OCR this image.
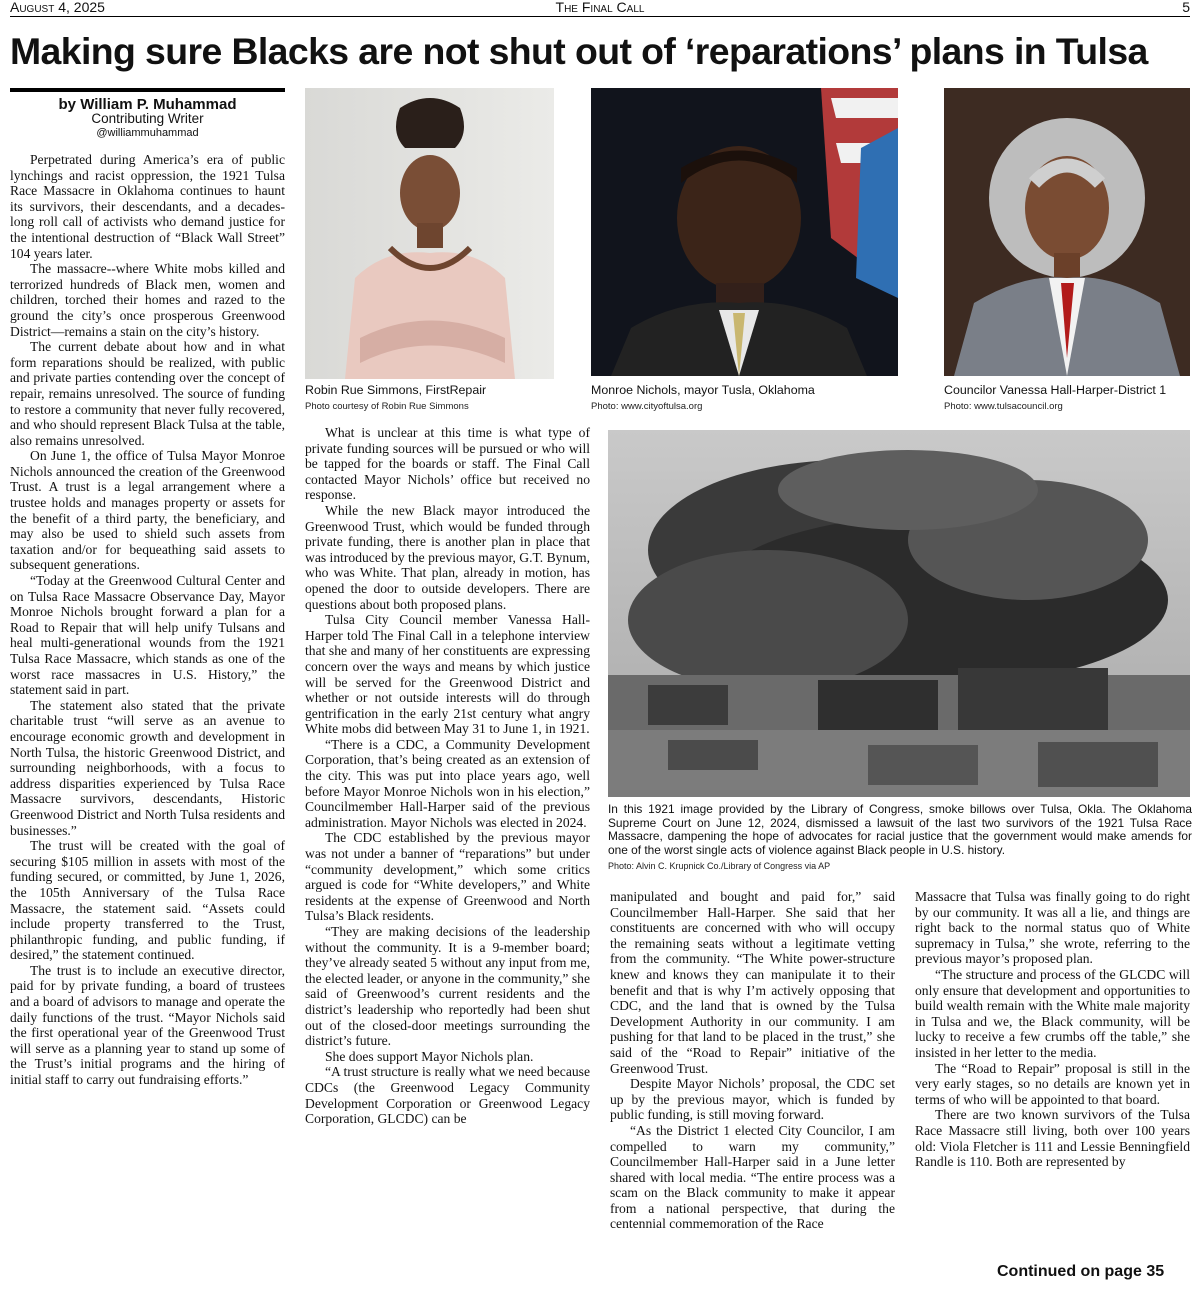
August 4, 2025	The Final Call	5
Making sure Blacks are not shut out of ‘reparations’ plans in Tulsa
by William P. Muhammad
Contributing Writer
@williammuhammad

Perpetrated during America’s era of public lynchings and racist oppression, the 1921 Tulsa Race Massacre in Oklahoma continues to haunt its survivors, their descendants, and a decades-long roll call of activists who demand justice for the intentional destruction of “Black Wall Street” 104 years later.

The massacre--where White mobs killed and terrorized hundreds of Black men, women and children, torched their homes and razed to the ground the city’s once prosperous Greenwood District—remains a stain on the city’s history.

The current debate about how and in what form reparations should be realized, with public and private parties contending over the concept of repair, remains unresolved. The source of funding to restore a community that never fully recovered, and who should represent Black Tulsa at the table, also remains unresolved.

On June 1, the office of Tulsa Mayor Monroe Nichols announced the creation of the Greenwood Trust. A trust is a legal arrangement where a trustee holds and manages property or assets for the benefit of a third party, the beneficiary, and may also be used to shield such assets from taxation and/or for bequeathing said assets to subsequent generations.

“Today at the Greenwood Cultural Center and on Tulsa Race Massacre Observance Day, Mayor Monroe Nichols brought forward a plan for a Road to Repair that will help unify Tulsans and heal multi-generational wounds from the 1921 Tulsa Race Massacre, which stands as one of the worst race massacres in U.S. History,” the statement said in part.

The statement also stated that the private charitable trust “will serve as an avenue to encourage economic growth and development in North Tulsa, the historic Greenwood District, and surrounding neighborhoods, with a focus to address disparities experienced by Tulsa Race Massacre survivors, descendants, Historic Greenwood District and North Tulsa residents and businesses.”

The trust will be created with the goal of securing $105 million in assets with most of the funding secured, or committed, by June 1, 2026, the 105th Anniversary of the Tulsa Race Massacre, the statement said. “Assets could include property transferred to the Trust, philanthropic funding, and public funding, if desired,” the statement continued.

The trust is to include an executive director, paid for by private funding, a board of trustees and a board of advisors to manage and operate the daily functions of the trust. “Mayor Nichols said the first operational year of the Greenwood Trust will serve as a planning year to stand up some of the Trust’s initial programs and the hiring of initial staff to carry out fundraising efforts.”

Robin Rue Simmons, FirstRepair
Photo courtesy of Robin Rue Simmons
Monroe Nichols, mayor Tusla, Oklahoma
Photo: www.cityoftulsa.org
Councilor Vanessa Hall-Harper-District 1
Photo: www.tulsacouncil.org

What is unclear at this time is what type of private funding sources will be pursued or who will be tapped for the boards or staff. The Final Call contacted Mayor Nichols’ office but received no response.

While the new Black mayor introduced the Greenwood Trust, which would be funded through private funding, there is another plan in place that was introduced by the previous mayor, G.T. Bynum, who was White. That plan, already in motion, has opened the door to outside developers. There are questions about both proposed plans.

Tulsa City Council member Vanessa Hall-Harper told The Final Call in a telephone interview that she and many of her constituents are expressing concern over the ways and means by which justice will be served for the Greenwood District and whether or not outside interests will do through gentrification in the early 21st century what angry White mobs did between May 31 to June 1, in 1921.

“There is a CDC, a Community Development Corporation, that’s being created as an extension of the city. This was put into place years ago, well before Mayor Monroe Nichols won in his election,” Councilmember Hall-Harper said of the previous administration. Mayor Nichols was elected in 2024.

The CDC established by the previous mayor was not under a banner of “reparations” but under “community development,” which some critics argued is code for “White developers,” and White residents at the expense of Greenwood and North Tulsa’s Black residents.

“They are making decisions of the leadership without the community. It is a 9-member board; they’ve already seated 5 without any input from me, the elected leader, or anyone in the community,” she said of Greenwood’s current residents and the district’s leadership who reportedly had been shut out of the closed-door meetings surrounding the district’s future.

She does support Mayor Nichols plan.

“A trust structure is really what we need because CDCs (the Greenwood Legacy Community Development Corporation or Greenwood Legacy Corporation, GLCDC) can be

In this 1921 image provided by the Library of Congress, smoke billows over Tulsa, Okla. The Oklahoma Supreme Court on June 12, 2024, dismissed a lawsuit of the last two survivors of the 1921 Tulsa Race Massacre, dampening the hope of advocates for racial justice that the government would make amends for one of the worst single acts of violence against Black people in U.S. history.
Photo: Alvin C. Krupnick Co./Library of Congress via AP

manipulated and bought and paid for,” said Councilmember Hall-Harper. She said that her constituents are concerned with who will occupy the remaining seats without a legitimate vetting from the community. “The White power-structure knew and knows they can manipulate it to their benefit and that is why I’m actively opposing that CDC, and the land that is owned by the Tulsa Development Authority in our community. I am pushing for that land to be placed in the trust,” she said of the “Road to Repair” initiative of the Greenwood Trust.

Despite Mayor Nichols’ proposal, the CDC set up by the previous mayor, which is funded by public funding, is still moving forward.

“As the District 1 elected City Councilor, I am compelled to warn my community,” Councilmember Hall-Harper said in a June letter shared with local media. “The entire process was a scam on the Black community to make it appear from a national perspective, that during the centennial commemoration of the Race

Massacre that Tulsa was finally going to do right by our community. It was all a lie, and things are right back to the normal status quo of White supremacy in Tulsa,” she wrote, referring to the previous mayor’s proposed plan.

“The structure and process of the GLCDC will only ensure that development and opportunities to build wealth remain with the White male majority in Tulsa and we, the Black community, will be lucky to receive a few crumbs off the table,” she insisted in her letter to the media.

The “Road to Repair” proposal is still in the very early stages, so no details are known yet in terms of who will be appointed to that board.

There are two known survivors of the Tulsa Race Massacre still living, both over 100 years old: Viola Fletcher is 111 and Lessie Benningfield Randle is 110. Both are represented by

Continued on page 35
